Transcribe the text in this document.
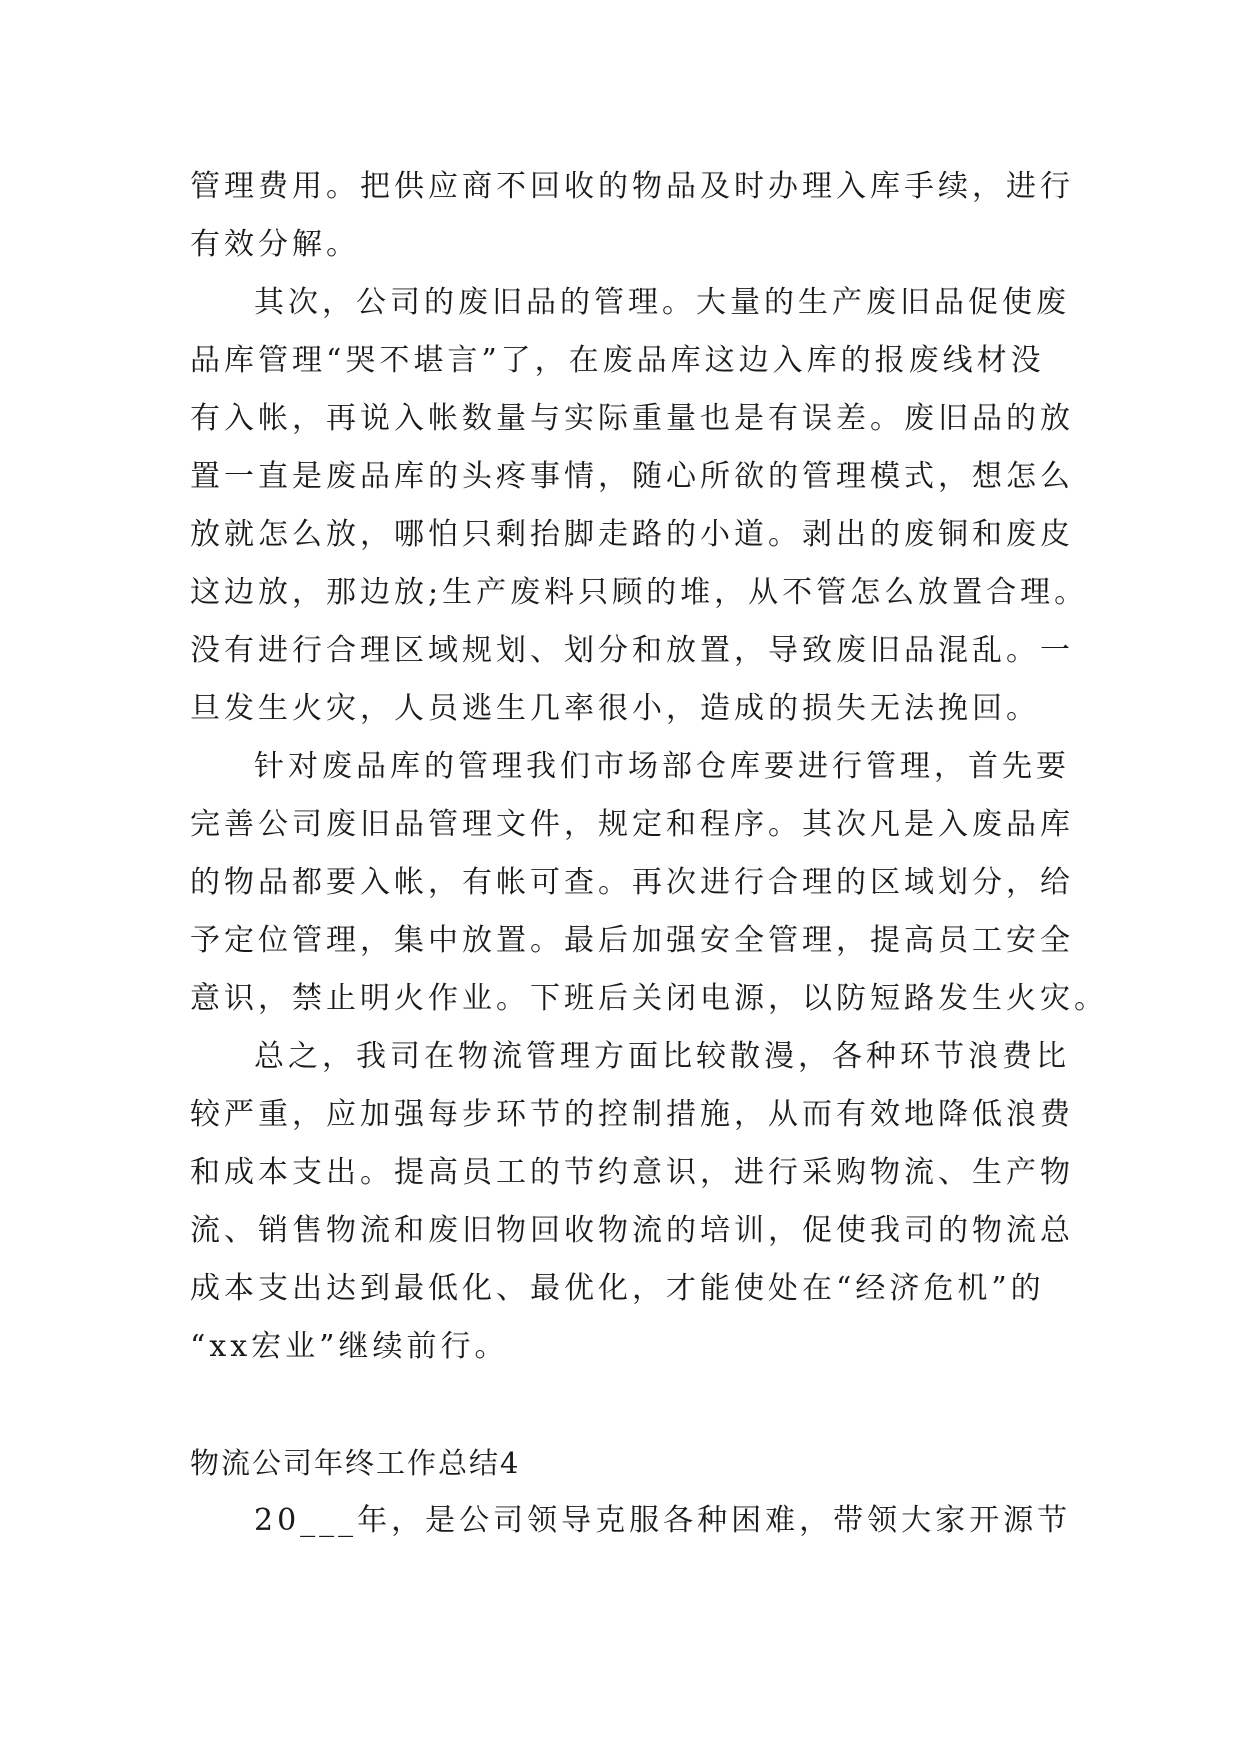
管理费用。把供应商不回收的物品及时办理入库手续，进行
有效分解。
其次，公司的废旧品的管理。大量的生产废旧品促使废
品库管理“哭不堪言”了，在废品库这边入库的报废线材没
有入帐，再说入帐数量与实际重量也是有误差。废旧品的放
置一直是废品库的头疼事情，随心所欲的管理模式，想怎么
放就怎么放，哪怕只剩抬脚走路的小道。剥出的废铜和废皮
这边放，那边放;生产废料只顾的堆，从不管怎么放置合理。
没有进行合理区域规划、划分和放置，导致废旧品混乱。一
旦发生火灾，人员逃生几率很小，造成的损失无法挽回。
针对废品库的管理我们市场部仓库要进行管理，首先要
完善公司废旧品管理文件，规定和程序。其次凡是入废品库
的物品都要入帐，有帐可查。再次进行合理的区域划分，给
予定位管理，集中放置。最后加强安全管理，提高员工安全
意识，禁止明火作业。下班后关闭电源，以防短路发生火灾。
总之，我司在物流管理方面比较散漫，各种环节浪费比
较严重，应加强每步环节的控制措施，从而有效地降低浪费
和成本支出。提高员工的节约意识，进行采购物流、生产物
流、销售物流和废旧物回收物流的培训，促使我司的物流总
成本支出达到最低化、最优化，才能使处在“经济危机”的
“xx宏业”继续前行。
物流公司年终工作总结4
20___年，是公司领导克服各种困难，带领大家开源节
